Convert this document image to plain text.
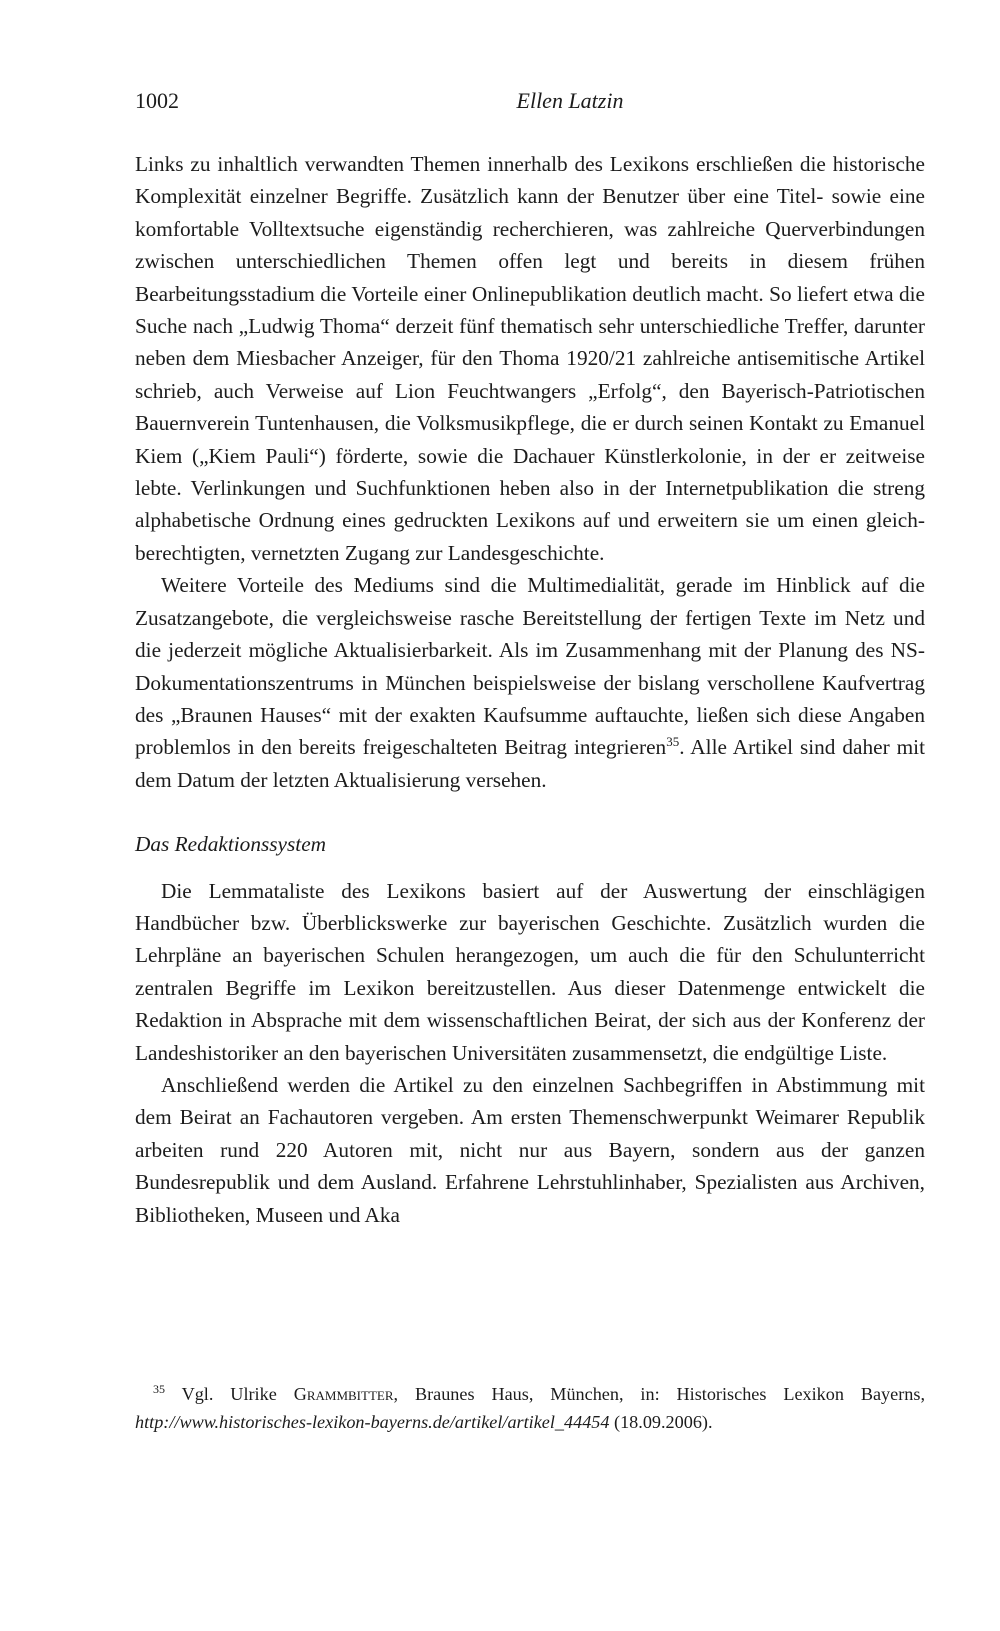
1002	Ellen Latzin

Links zu inhaltlich verwandten Themen innerhalb des Lexikons erschließen die historische Komplexität einzelner Begriffe. Zusätzlich kann der Benutzer über eine Titel- sowie eine komfortable Volltextsuche eigenständig recherchieren, was zahlreiche Querverbindungen zwischen unterschiedlichen Themen offen legt und bereits in diesem frühen Bearbeitungsstadium die Vorteile einer Onlinepublikation deutlich macht. So liefert etwa die Suche nach „Ludwig Thoma“ derzeit fünf thematisch sehr unterschiedliche Treffer, darunter neben dem Miesbacher Anzeiger, für den Thoma 1920/21 zahlreiche antisemitische Artikel schrieb, auch Verweise auf Lion Feuchtwangers „Erfolg“, den Bayerisch-Patriotischen Bauernverein Tuntenhausen, die Volksmusikpflege, die er durch seinen Kontakt zu Emanuel Kiem („Kiem Pauli“) förderte, sowie die Dachauer Künstlerkolonie, in der er zeitweise lebte. Verlinkungen und Suchfunktionen heben also in der Internetpublikation die streng alphabetische Ordnung eines gedruckten Lexikons auf und erweitern sie um einen gleichberechtigten, vernetzten Zugang zur Landesgeschichte.

Weitere Vorteile des Mediums sind die Multimedialität, gerade im Hinblick auf die Zusatzangebote, die vergleichsweise rasche Bereitstellung der fertigen Texte im Netz und die jederzeit mögliche Aktualisierbarkeit. Als im Zusammenhang mit der Planung des NS-Dokumentationszentrums in München beispielsweise der bislang verschollene Kaufvertrag des „Braunen Hauses“ mit der exakten Kaufsumme auftauchte, ließen sich diese Angaben problemlos in den bereits freigeschalteten Beitrag integrieren$^{35}$. Alle Artikel sind daher mit dem Datum der letzten Aktualisierung versehen.

Das Redaktionssystem

Die Lemmataliste des Lexikons basiert auf der Auswertung der einschlägigen Handbücher bzw. Überblickswerke zur bayerischen Geschichte. Zusätzlich wurden die Lehrpläne an bayerischen Schulen herangezogen, um auch die für den Schulunterricht zentralen Begriffe im Lexikon bereitzustellen. Aus dieser Datenmenge entwickelt die Redaktion in Absprache mit dem wissenschaftlichen Beirat, der sich aus der Konferenz der Landeshistoriker an den bayerischen Universitäten zusammensetzt, die endgültige Liste.

Anschließend werden die Artikel zu den einzelnen Sachbegriffen in Abstimmung mit dem Beirat an Fachautoren vergeben. Am ersten Themenschwerpunkt Weimarer Republik arbeiten rund 220 Autoren mit, nicht nur aus Bayern, sondern aus der ganzen Bundesrepublik und dem Ausland. Erfahrene Lehrstuhlinhaber, Spezialisten aus Archiven, Bibliotheken, Museen und Aka

$^{35}$ Vgl. Ulrike Grammbitter, Braunes Haus, München, in: Historisches Lexikon Bayerns, http://www.historisches-lexikon-bayerns.de/artikel/artikel_44454 (18.09.2006).
